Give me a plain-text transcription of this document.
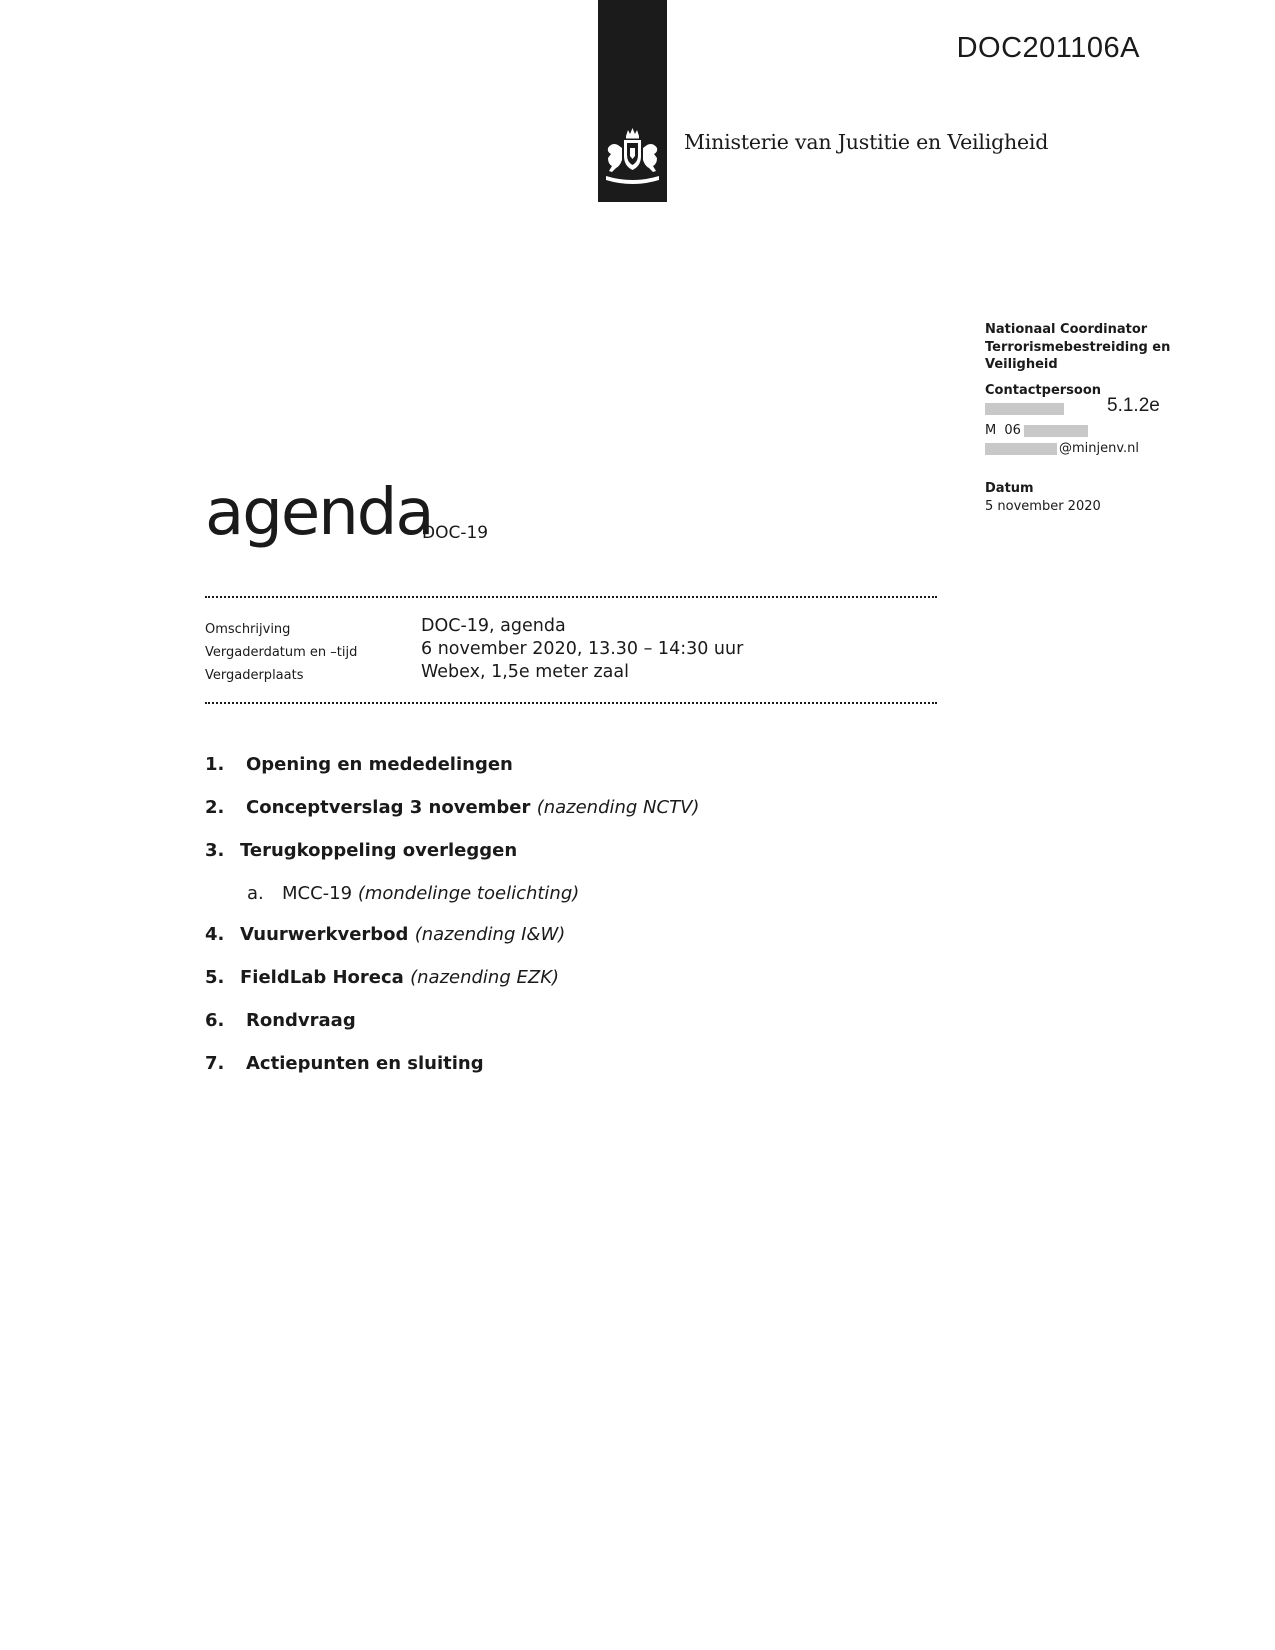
DOC201106A
Ministerie van Justitie en Veiligheid
Nationaal Coordinator Terrorismebestreiding en Veiligheid
Contactpersoon
5.1.2e
M 06
@minjenv.nl
Datum
5 november 2020
agenda
DOC-19
Omschrijving	DOC-19, agenda
Vergaderdatum en –tijd	6 november 2020, 13.30 – 14:30 uur
Vergaderplaats	Webex, 1,5e meter zaal
1. Opening en mededelingen
2. Conceptverslag 3 november (nazending NCTV)
3. Terugkoppeling overleggen
a. MCC-19 (mondelinge toelichting)
4. Vuurwerkverbod (nazending I&W)
5. FieldLab Horeca (nazending EZK)
6. Rondvraag
7. Actiepunten en sluiting
